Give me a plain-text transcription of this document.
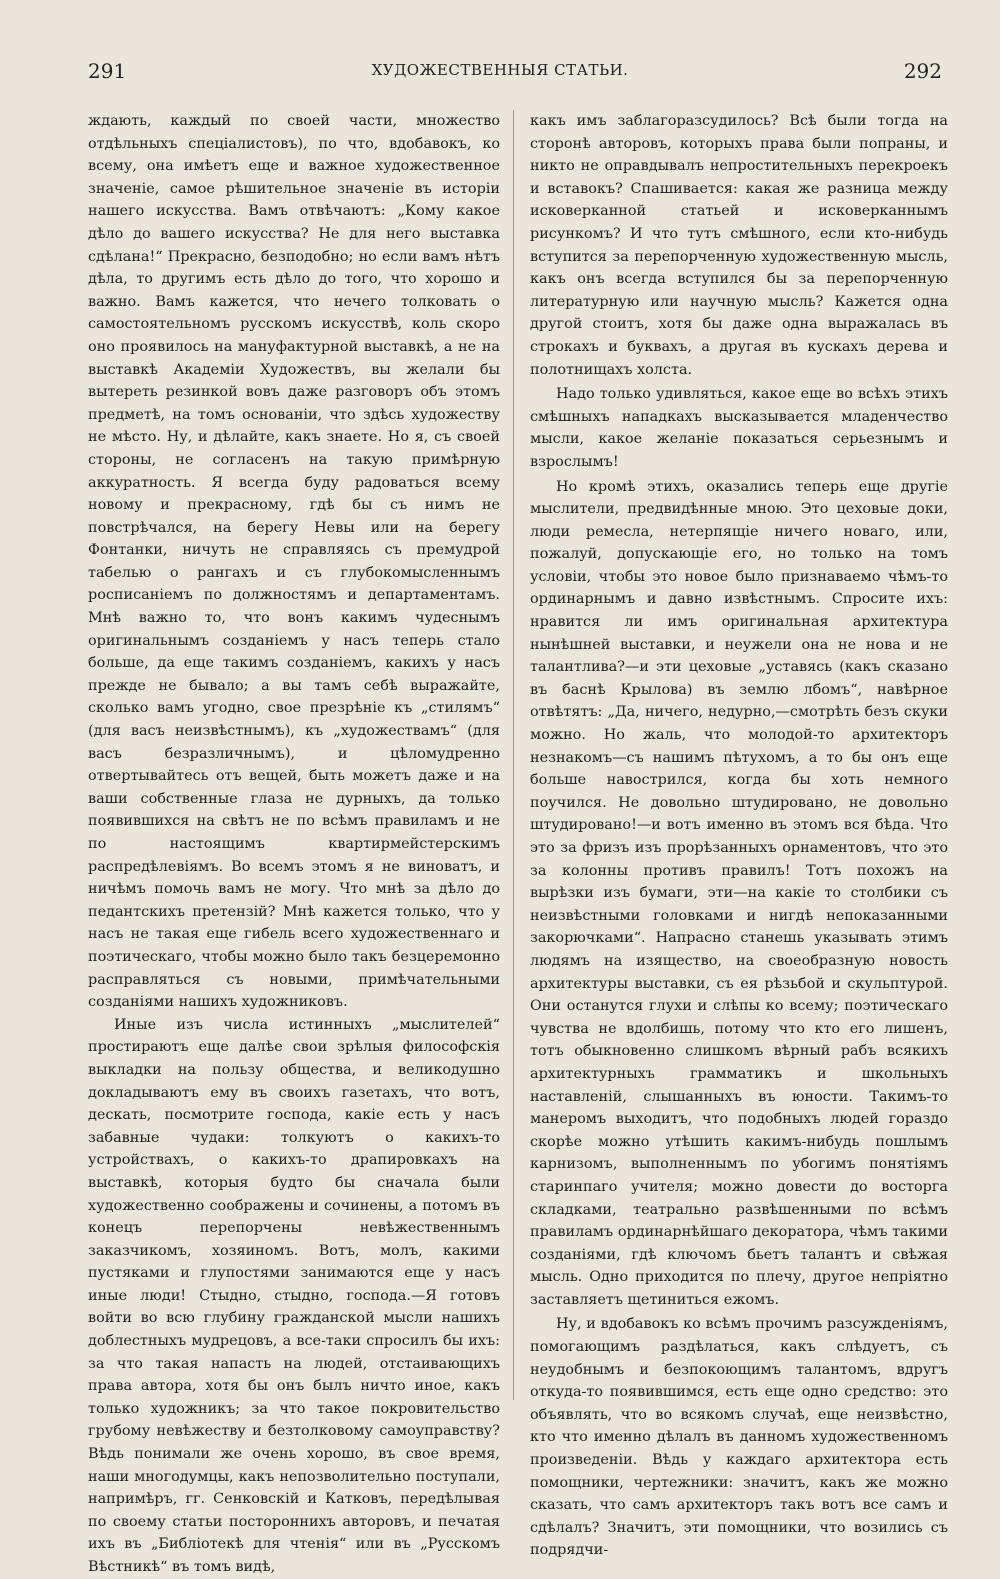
291	ХУДОЖЕСТВЕННЫЯ СТАТЬИ.	292

ждають, каждый по своей части, множество отдѣльныхъ спеціалистовъ), по что, вдобавокъ, ко всему, она имѣетъ еще и важное художественное значеніе, самое рѣшительное значеніе въ исторіи нашего искусства. Вамъ отвѣчаютъ: „Кому какое дѣло до вашего искусства? Не для него выставка сдѣлана!“ Прекрасно, безподобно; но если вамъ нѣтъ дѣла, то другимъ есть дѣло до того, что хорошо и важно. Вамъ кажется, что нечего толковать о самостоятельномъ русскомъ искусствѣ, коль скоро оно проявилось на мануфактурной выставкѣ, а не на выставкѣ Академіи Художествъ, вы желали бы вытереть резинкой вовъ даже разговоръ объ этомъ предметѣ, на томъ основаніи, что здѣсь художеству не мѣсто. Ну, и дѣлайте, какъ знаете. Но я, съ своей стороны, не согласенъ на такую примѣрную аккуратность. Я всегда буду радоваться всему новому и прекрасному, гдѣ бы съ нимъ не повстрѣчался, на берегу Невы или на берегу Фонтанки, ничуть не справляясь съ премудрой табелью о рангахъ и съ глубокомысленнымъ росписаніемъ по должностямъ и департаментамъ. Мнѣ важно то, что вонъ какимъ чудеснымъ оригинальнымъ созданіемъ у насъ теперь стало больше, да еще такимъ созданіемъ, какихъ у насъ прежде не бывало; а вы тамъ себѣ выражайте, сколько вамъ угодно, свое презрѣніе къ „стилямъ“ (для васъ неизвѣстнымъ), къ „художествамъ“ (для васъ безразличнымъ), и цѣломудренно отвертывайтесь отъ вещей, быть можетъ даже и на ваши собственные глаза не дурныхъ, да только появившихся на свѣтъ не по всѣмъ правиламъ и не по настоящимъ квартирмейстерскимъ распредѣлевіямъ. Во всемъ этомъ я не виноватъ, и ничѣмъ помочь вамъ не могу. Что мнѣ за дѣло до педантскихъ претензій? Мнѣ кажется только, что у насъ не такая еще гибель всего художественнаго и поэтическаго, чтобы можно было такъ безцеремонно расправляться съ новыми, примѣчательными созданіями нашихъ художниковъ.

Иные изъ числа истинныхъ „мыслителей“ простираютъ еще далѣе свои зрѣлыя философскія выкладки на пользу общества, и великодушно докладываютъ ему въ своихъ газетахъ, что вотъ, дескать, посмотрите господа, какіе есть у насъ забавные чудаки: толкуютъ о какихъ-то устройствахъ, о какихъ-то драпировкахъ на выставкѣ, которыя будто бы сначала были художественно соображены и сочинены, а потомъ въ конецъ перепорчены невѣжественнымъ заказчикомъ, хозяиномъ. Вотъ, молъ, какими пустяками и глупостями занимаются еще у насъ иные люди! Стыдно, стыдно, господа.—Я готовъ войти во всю глубину гражданской мысли нашихъ доблестныхъ мудрецовъ, а все-таки спросилъ бы ихъ: за что такая напасть на людей, отстаивающихъ права автора, хотя бы онъ былъ ничто иное, какъ только художникъ; за что такое покровительство грубому невѣжеству и безтолковому самоуправству? Вѣдь понимали же очень хорошо, въ свое время, наши многодумцы, какъ непозволительно поступали, напримѣръ, гг. Сенковскій и Катковъ, передѣлывая по своему статьи постороннихъ авторовъ, и печатая ихъ въ „Библіотекѣ для чтенія“ или въ „Русскомъ Вѣстникѣ“ въ томъ видѣ,

какъ имъ заблагоразсудилось? Всѣ были тогда на сторонѣ авторовъ, которыхъ права были попраны, и никто не оправдывалъ непростительныхъ перекроекъ и вставокъ? Спашивается: какая же разница между исковерканной статьей и исковерканнымъ рисункомъ? И что тутъ смѣшного, если кто-нибудь вступится за перепорченную художественную мысль, какъ онъ всегда вступился бы за перепорченную литературную или научную мысль? Кажется одна другой стоитъ, хотя бы даже одна выражалась въ строкахъ и буквахъ, а другая въ кускахъ дерева и полотнищахъ холста.

Надо только удивляться, какое еще во всѣхъ этихъ смѣшныхъ нападкахъ высказывается младенчество мысли, какое желаніе показаться серьезнымъ и взрослымъ!

Но кромѣ этихъ, оказались теперь еще другіе мыслители, предвидѣнные мною. Это цеховые доки, люди ремесла, нетерпящіе ничего новаго, или, пожалуй, допускающіе его, но только на томъ условіи, чтобы это новое было признаваемо чѣмъ-то ординарнымъ и давно извѣстнымъ. Спросите ихъ: нравится ли имъ оригинальная архитектура нынѣшней выставки, и неужели она не нова и не талантлива?—и эти цеховые „уставясь (какъ сказано въ баснѣ Крылова) въ землю лбомъ“, навѣрное отвѣтятъ: „Да, ничего, недурно,—смотрѣть безъ скуки можно. Но жаль, что молодой-то архитекторъ незнакомъ—съ нашимъ пѣтухомъ, а то бы онъ еще больше навострился, когда бы хоть немного поучился. Не довольно штудировано, не довольно штудировано!—и вотъ именно въ этомъ вся бѣда. Что это за фризъ изъ прорѣзанныхъ орнаментовъ, что это за колонны противъ правилъ! Тотъ похожъ на вырѣзки изъ бумаги, эти—на какіе то столбики съ неизвѣстными головками и нигдѣ непоказанными закорючками“. Напрасно станешь указывать этимъ людямъ на изящество, на своеобразную новость архитектуры выставки, съ ея рѣзьбой и скульптурой. Они останутся глухи и слѣпы ко всему; поэтическаго чувства не вдолбишь, потому что кто его лишенъ, тотъ обыкновенно слишкомъ вѣрный рабъ всякихъ архитектурныхъ грамматикъ и школьныхъ наставленій, слышанныхъ въ юности. Такимъ-то манеромъ выходитъ, что подобныхъ людей гораздо скорѣе можно утѣшить какимъ-нибудь пошлымъ карнизомъ, выполненнымъ по убогимъ понятіямъ старинпаго учителя; можно довести до восторга складками, театрально развѣшенными по всѣмъ правиламъ ординарнѣйшаго декоратора, чѣмъ такими созданіями, гдѣ ключомъ бьетъ талантъ и свѣжая мысль. Одно приходится по плечу, другое непріятно заставляетъ щетиниться ежомъ.

Ну, и вдобавокъ ко всѣмъ прочимъ разсужденіямъ, помогающимъ раздѣлаться, какъ слѣдуетъ, съ неудобнымъ и безпокоющимъ талантомъ, вдругъ откуда-то появившимся, есть еще одно средство: это объявлять, что во всякомъ случаѣ, еще неизвѣстно, кто что именно дѣлалъ въ данномъ художественномъ произведеніи. Вѣдь у каждаго архитектора есть помощники, чертежники: значитъ, какъ же можно сказать, что самъ архитекторъ такъ вотъ все самъ и сдѣлалъ? Значитъ, эти помощники, что возились съ подрядчи-
